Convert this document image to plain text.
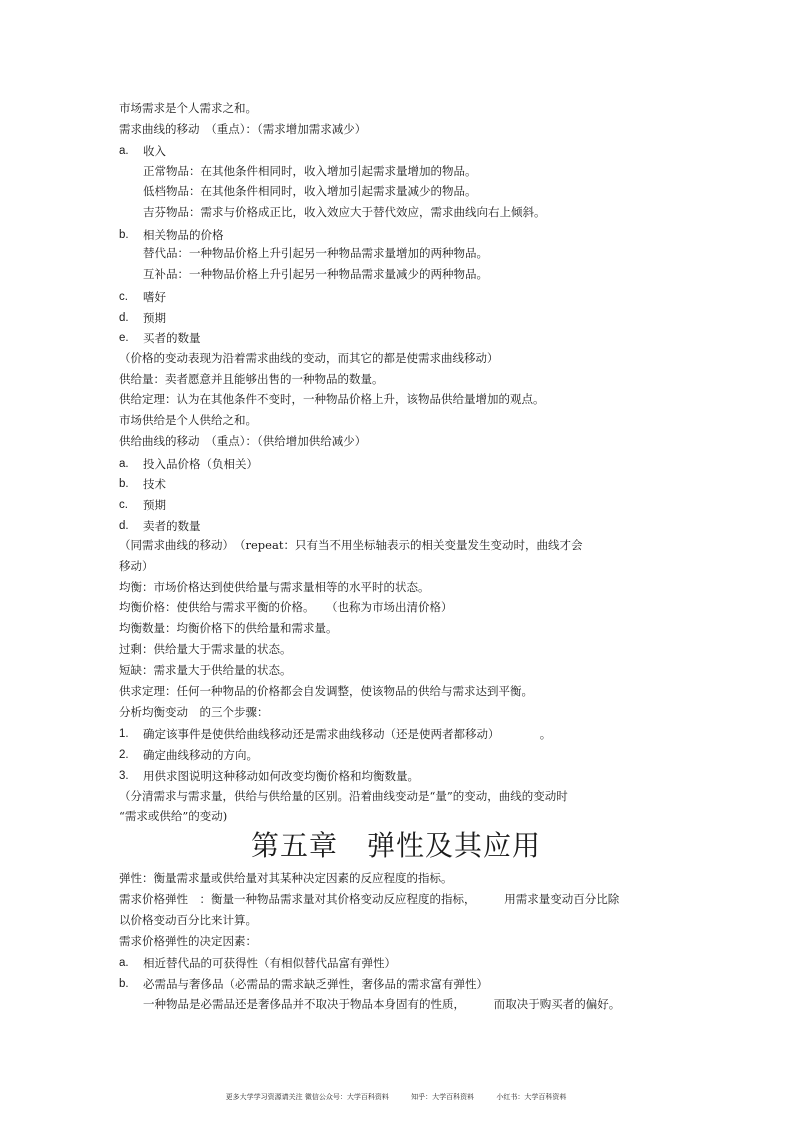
市场需求是个人需求之和。
需求曲线的移动　（重点）：（需求增加需求减少）
a. 收入
正常物品：在其他条件相同时，收入增加引起需求量增加的物品。
低档物品：在其他条件相同时，收入增加引起需求量减少的物品。
吉芬物品：需求与价格成正比，收入效应大于替代效应，需求曲线向右上倾斜。
b. 相关物品的价格
替代品：一种物品价格上升引起另一种物品需求量增加的两种物品。
互补品：一种物品价格上升引起另一种物品需求量减少的两种物品。
c. 嗜好
d. 预期
e. 买者的数量
（价格的变动表现为沿着需求曲线的变动，而其它的都是使需求曲线移动）
供给量：卖者愿意并且能够出售的一种物品的数量。
供给定理：认为在其他条件不变时，一种物品价格上升，该物品供给量增加的观点。
市场供给是个人供给之和。
供给曲线的移动　（重点）：（供给增加供给减少）
a. 投入品价格（负相关）
b. 技术
c. 预期
d. 卖者的数量
（同需求曲线的移动）　（repeat：只有当不用坐标轴表示的相关变量发生变动时，曲线才会
移动）
均衡：市场价格达到使供给量与需求量相等的水平时的状态。
均衡价格：使供给与需求平衡的价格。　　（也称为市场出清价格）
均衡数量：均衡价格下的供给量和需求量。
过剩：供给量大于需求量的状态。
短缺：需求量大于供给量的状态。
供求定理：任何一种物品的价格都会自发调整，使该物品的供给与需求达到平衡。
分析均衡变动　的三个步骤：
1. 确定该事件是使供给曲线移动还是需求曲线移动（还是使两者都移动）　　　　。
2. 确定曲线移动的方向。
3. 用供求图说明这种移动如何改变均衡价格和均衡数量。
（分清需求与需求量，供给与供给量的区别。沿着曲线变动是“量”的变动，曲线的变动时
“需求或供给”的变动)
第五章　弹性及其应用
弹性：衡量需求量或供给量对其某种决定因素的反应程度的指标。
需求价格弹性　：衡量一种物品需求量对其价格变动反应程度的指标，　　　用需求量变动百分比除
以价格变动百分比来计算。
需求价格弹性的决定因素：
a. 相近替代品的可获得性（有相似替代品富有弹性）
b. 必需品与奢侈品（必需品的需求缺乏弹性，奢侈品的需求富有弹性）
一种物品是必需品还是奢侈品并不取决于物品本身固有的性质，　　　而取决于购买者的偏好。
更多大学学习资源请关注 微信公众号：大学百科资料	知乎：大学百科资料	小红书：大学百科资料
